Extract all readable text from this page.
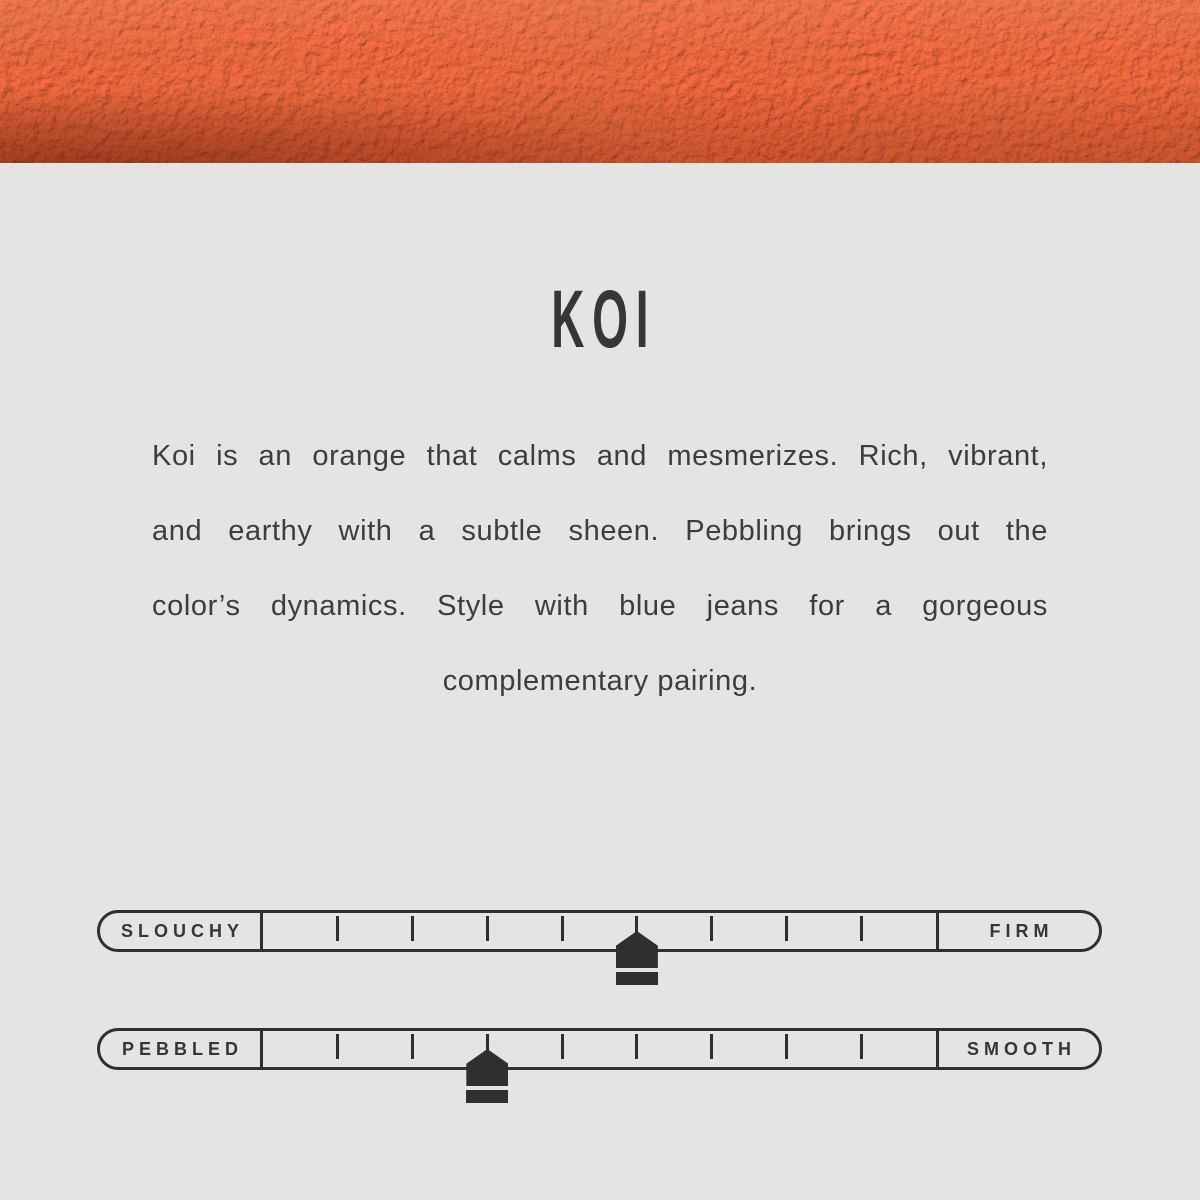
KOI
Koi is an orange that calms and mesmerizes. Rich, vibrant,
and earthy with a subtle sheen. Pebbling brings out the
color’s dynamics. Style with blue jeans for a gorgeous
complementary pairing.
SLOUCHY	FIRM
PEBBLED	SMOOTH
